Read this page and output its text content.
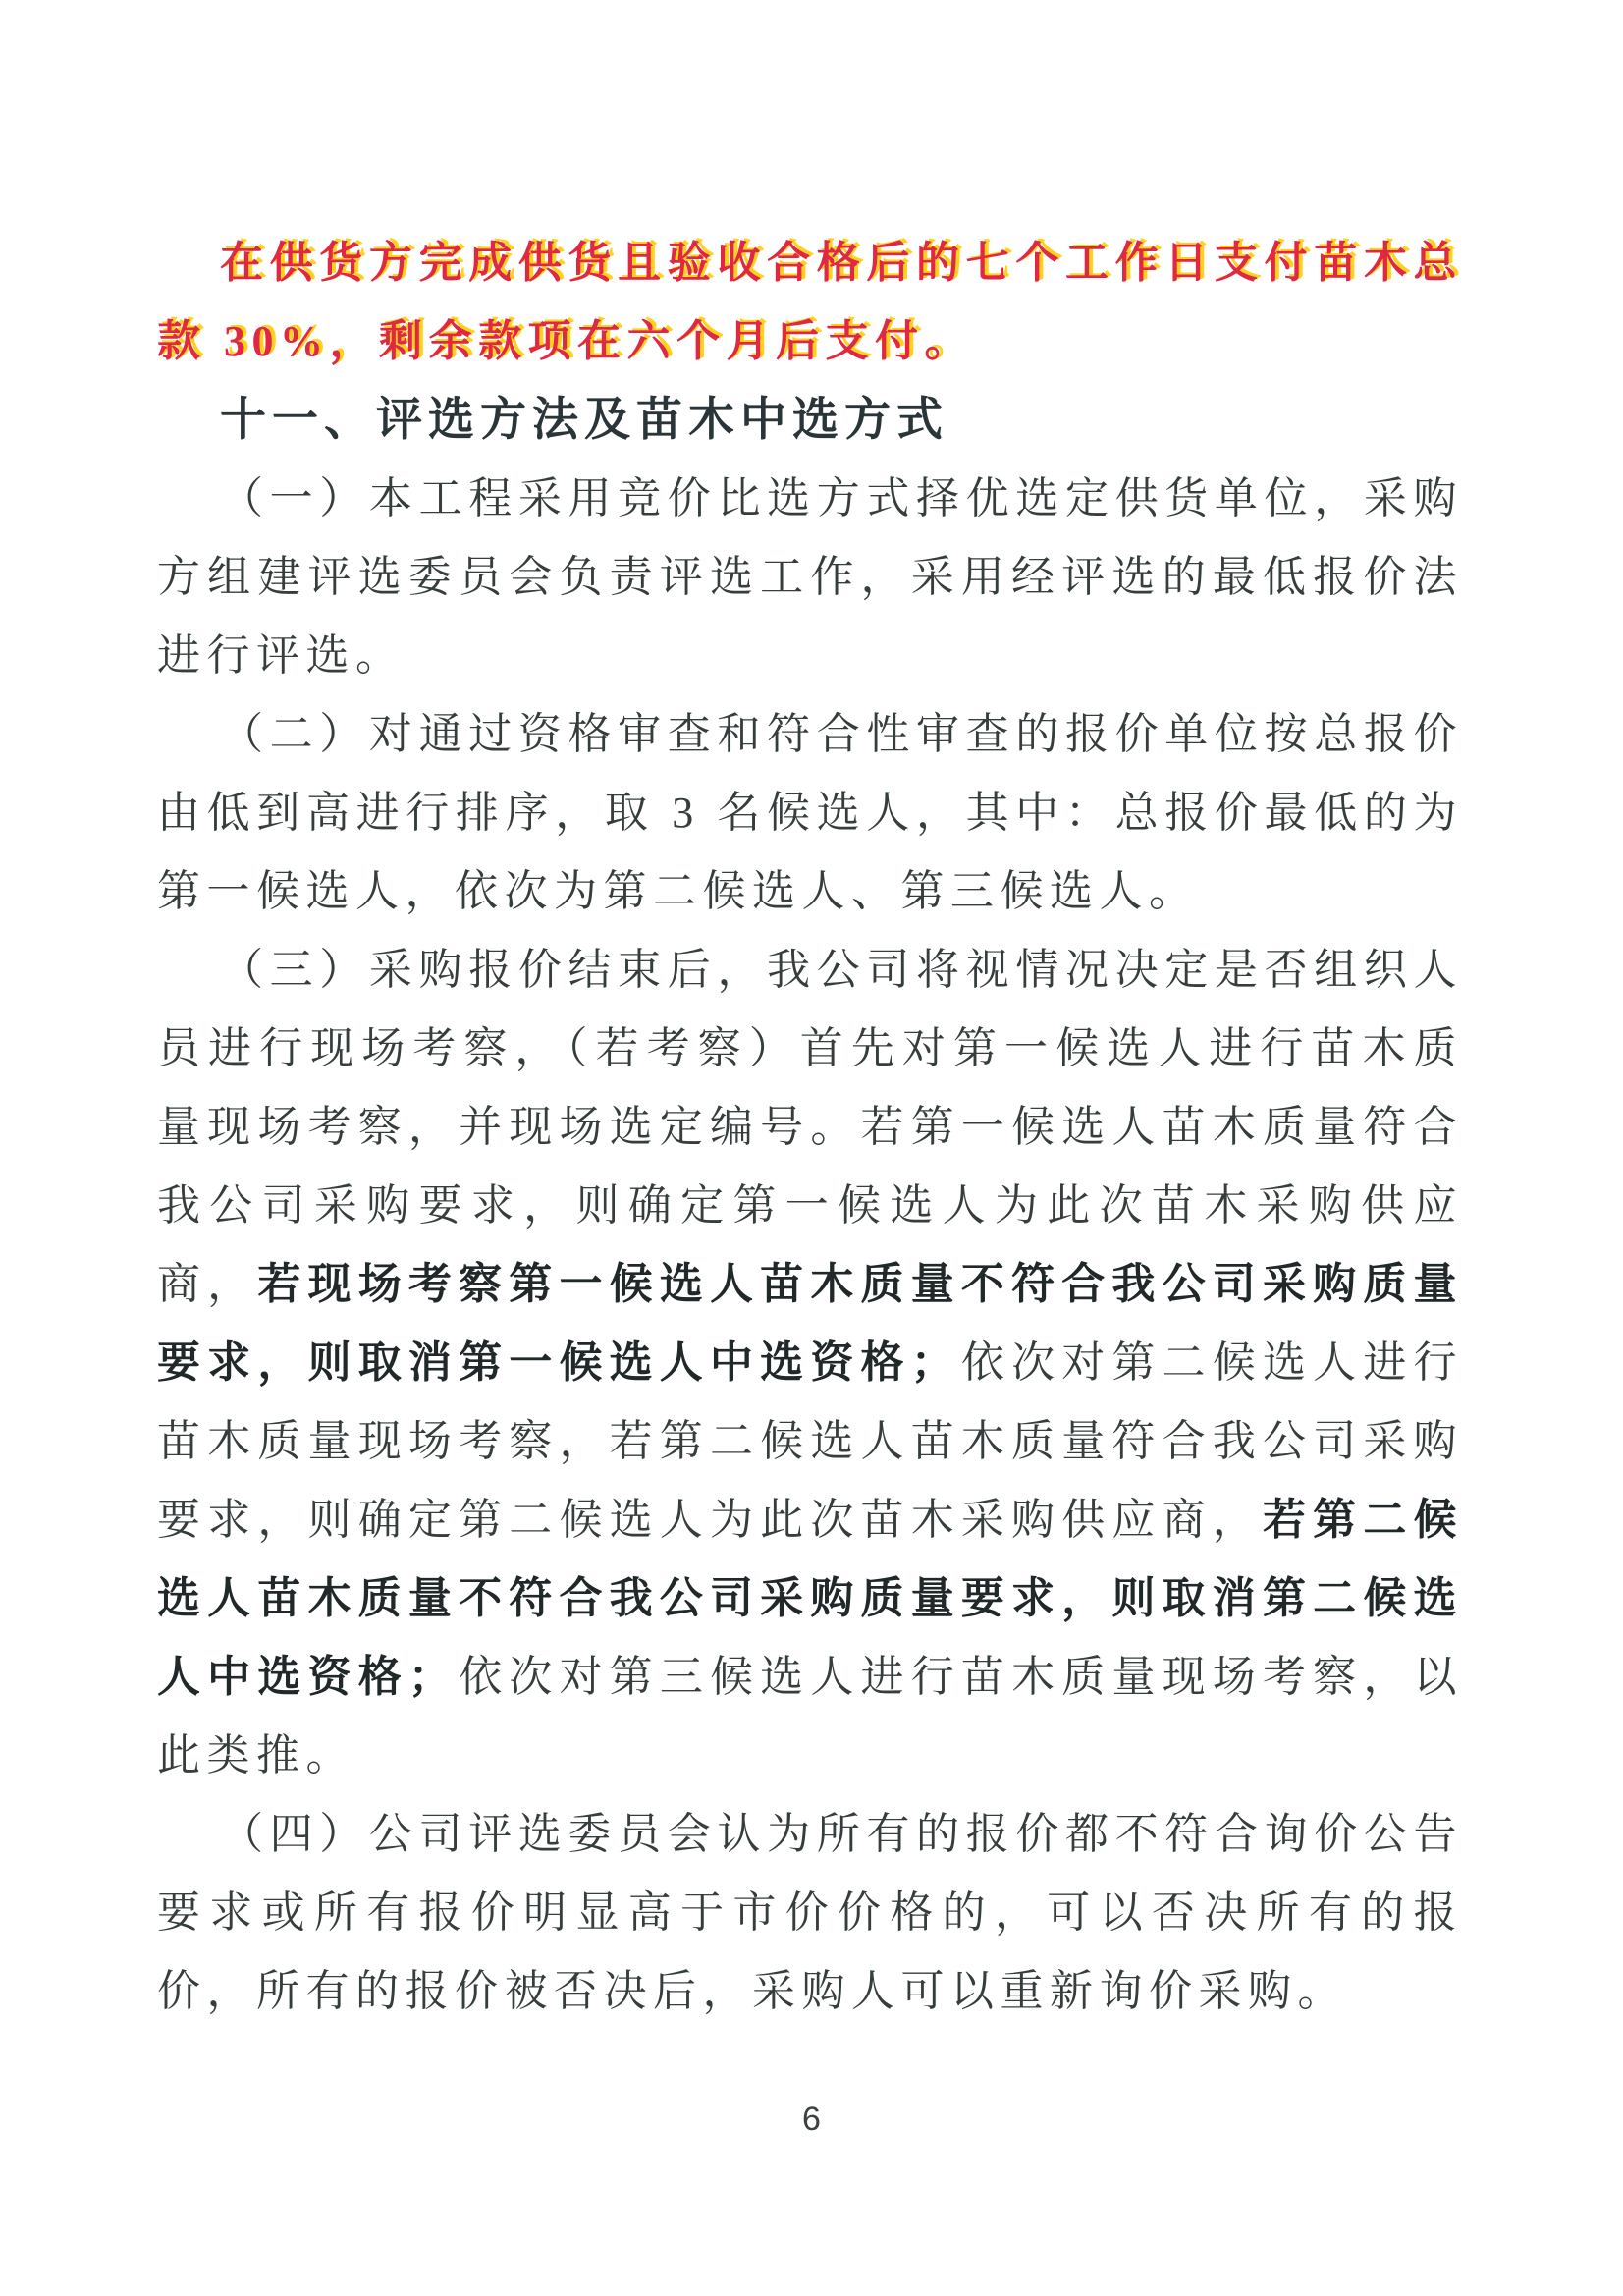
在供货方完成供货且验收合格后的七个工作日支付苗木总款 30%，剩余款项在六个月后支付。

十一、评选方法及苗木中选方式

（一）本工程采用竞价比选方式择优选定供货单位，采购方组建评选委员会负责评选工作，采用经评选的最低报价法进行评选。

（二）对通过资格审查和符合性审查的报价单位按总报价由低到高进行排序，取 3 名候选人，其中：总报价最低的为第一候选人，依次为第二候选人、第三候选人。

（三）采购报价结束后，我公司将视情况决定是否组织人员进行现场考察，（若考察）首先对第一候选人进行苗木质量现场考察，并现场选定编号。若第一候选人苗木质量符合我公司采购要求，则确定第一候选人为此次苗木采购供应商，若现场考察第一候选人苗木质量不符合我公司采购质量要求，则取消第一候选人中选资格；依次对第二候选人进行苗木质量现场考察，若第二候选人苗木质量符合我公司采购要求，则确定第二候选人为此次苗木采购供应商，若第二候选人苗木质量不符合我公司采购质量要求，则取消第二候选人中选资格；依次对第三候选人进行苗木质量现场考察，以此类推。

（四）公司评选委员会认为所有的报价都不符合询价公告要求或所有报价明显高于市价价格的，可以否决所有的报价，所有的报价被否决后，采购人可以重新询价采购。

6
